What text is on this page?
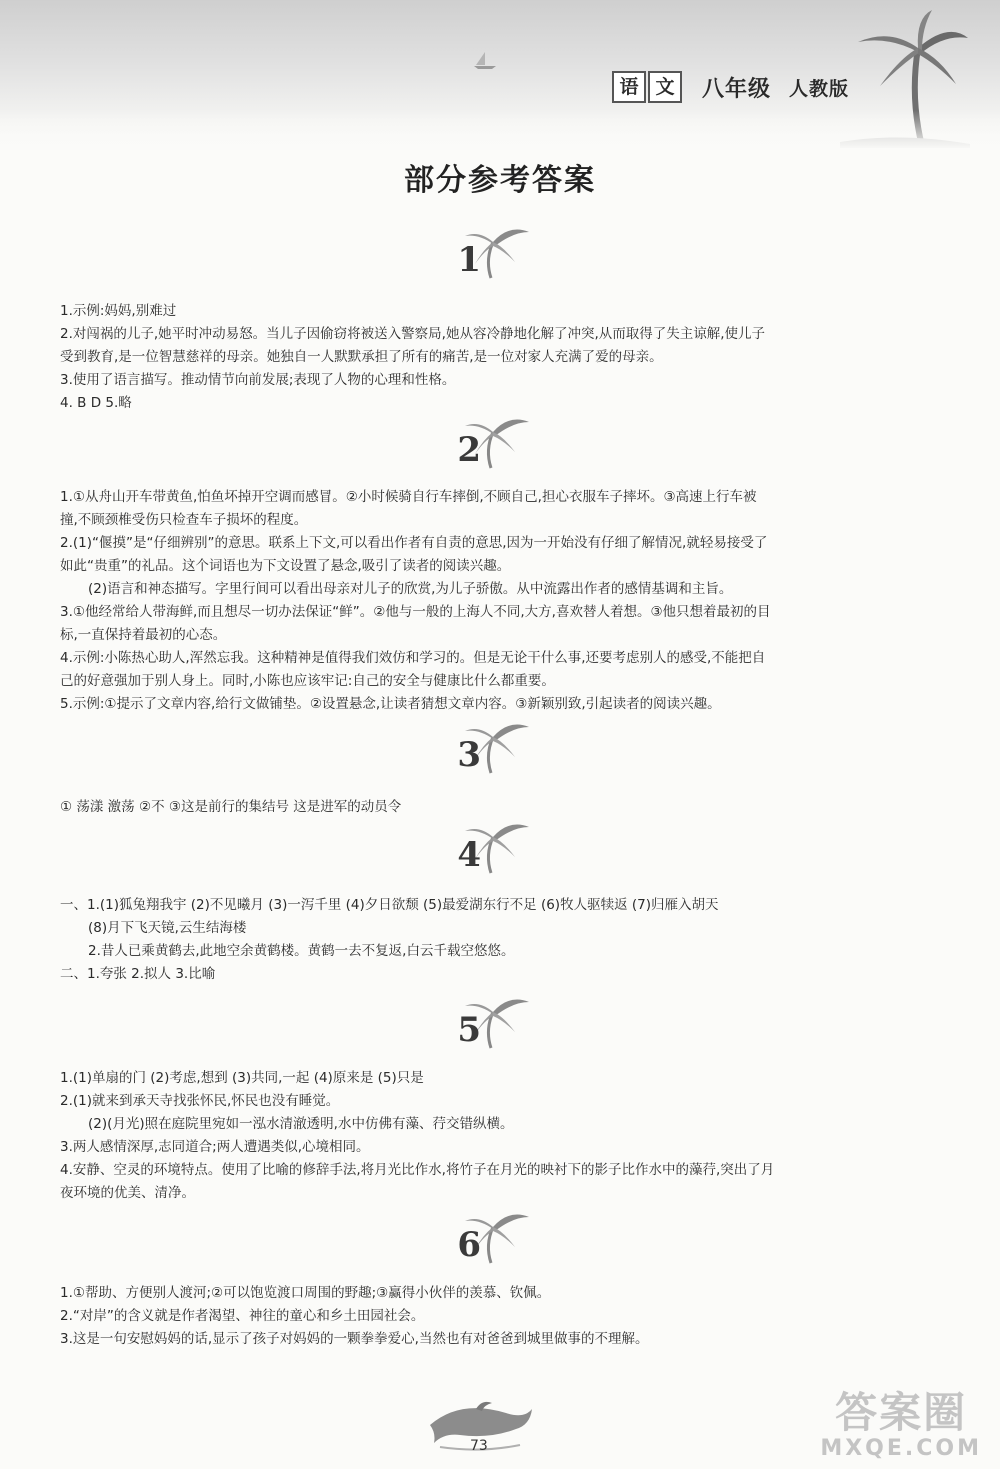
语 文	八年级 人教版
部分参考答案
1
1.示例:妈妈,别难过
2.对闯祸的儿子,她平时冲动易怒。当儿子因偷窃将被送入警察局,她从容冷静地化解了冲突,从而取得了失主谅解,使儿子
受到教育,是一位智慧慈祥的母亲。她独自一人默默承担了所有的痛苦,是一位对家人充满了爱的母亲。
3.使用了语言描写。推动情节向前发展;表现了人物的心理和性格。
4. B D 5.略
2
1.①从舟山开车带黄鱼,怕鱼坏掉开空调而感冒。②小时候骑自行车摔倒,不顾自己,担心衣服车子摔坏。③高速上行车被
撞,不顾颈椎受伤只检查车子损坏的程度。
2.(1)“偃摸”是“仔细辨别”的意思。联系上下文,可以看出作者有自责的意思,因为一开始没有仔细了解情况,就轻易接受了
如此“贵重”的礼品。这个词语也为下文设置了悬念,吸引了读者的阅读兴趣。
(2)语言和神态描写。字里行间可以看出母亲对儿子的欣赏,为儿子骄傲。从中流露出作者的感情基调和主旨。
3.①他经常给人带海鲜,而且想尽一切办法保证“鲜”。②他与一般的上海人不同,大方,喜欢替人着想。③他只想着最初的目
标,一直保持着最初的心态。
4.示例:小陈热心助人,浑然忘我。这种精神是值得我们效仿和学习的。但是无论干什么事,还要考虑别人的感受,不能把自
己的好意强加于别人身上。同时,小陈也应该牢记:自己的安全与健康比什么都重要。
5.示例:①提示了文章内容,给行文做铺垫。②设置悬念,让读者猜想文章内容。③新颖别致,引起读者的阅读兴趣。
3
① 荡漾 激荡 ②不 ③这是前行的集结号 这是进军的动员令
4
一、1.(1)狐兔翔我宇 (2)不见曦月 (3)一泻千里 (4)夕日欲颓 (5)最爱湖东行不足 (6)牧人驱犊返 (7)归雁入胡天
(8)月下飞天镜,云生结海楼
2.昔人已乘黄鹤去,此地空余黄鹤楼。黄鹤一去不复返,白云千载空悠悠。
二、1.夸张 2.拟人 3.比喻
5
1.(1)单扇的门 (2)考虑,想到 (3)共同,一起 (4)原来是 (5)只是
2.(1)就来到承天寺找张怀民,怀民也没有睡觉。
(2)(月光)照在庭院里宛如一泓水清澈透明,水中仿佛有藻、荇交错纵横。
3.两人感情深厚,志同道合;两人遭遇类似,心境相同。
4.安静、空灵的环境特点。使用了比喻的修辞手法,将月光比作水,将竹子在月光的映衬下的影子比作水中的藻荇,突出了月
夜环境的优美、清净。
6
1.①帮助、方便别人渡河;②可以饱览渡口周围的野趣;③赢得小伙伴的羡慕、钦佩。
2.“对岸”的含义就是作者渴望、神往的童心和乡土田园社会。
3.这是一句安慰妈妈的话,显示了孩子对妈妈的一颗拳拳爱心,当然也有对爸爸到城里做事的不理解。
73
答案圈
MXQE.COM
